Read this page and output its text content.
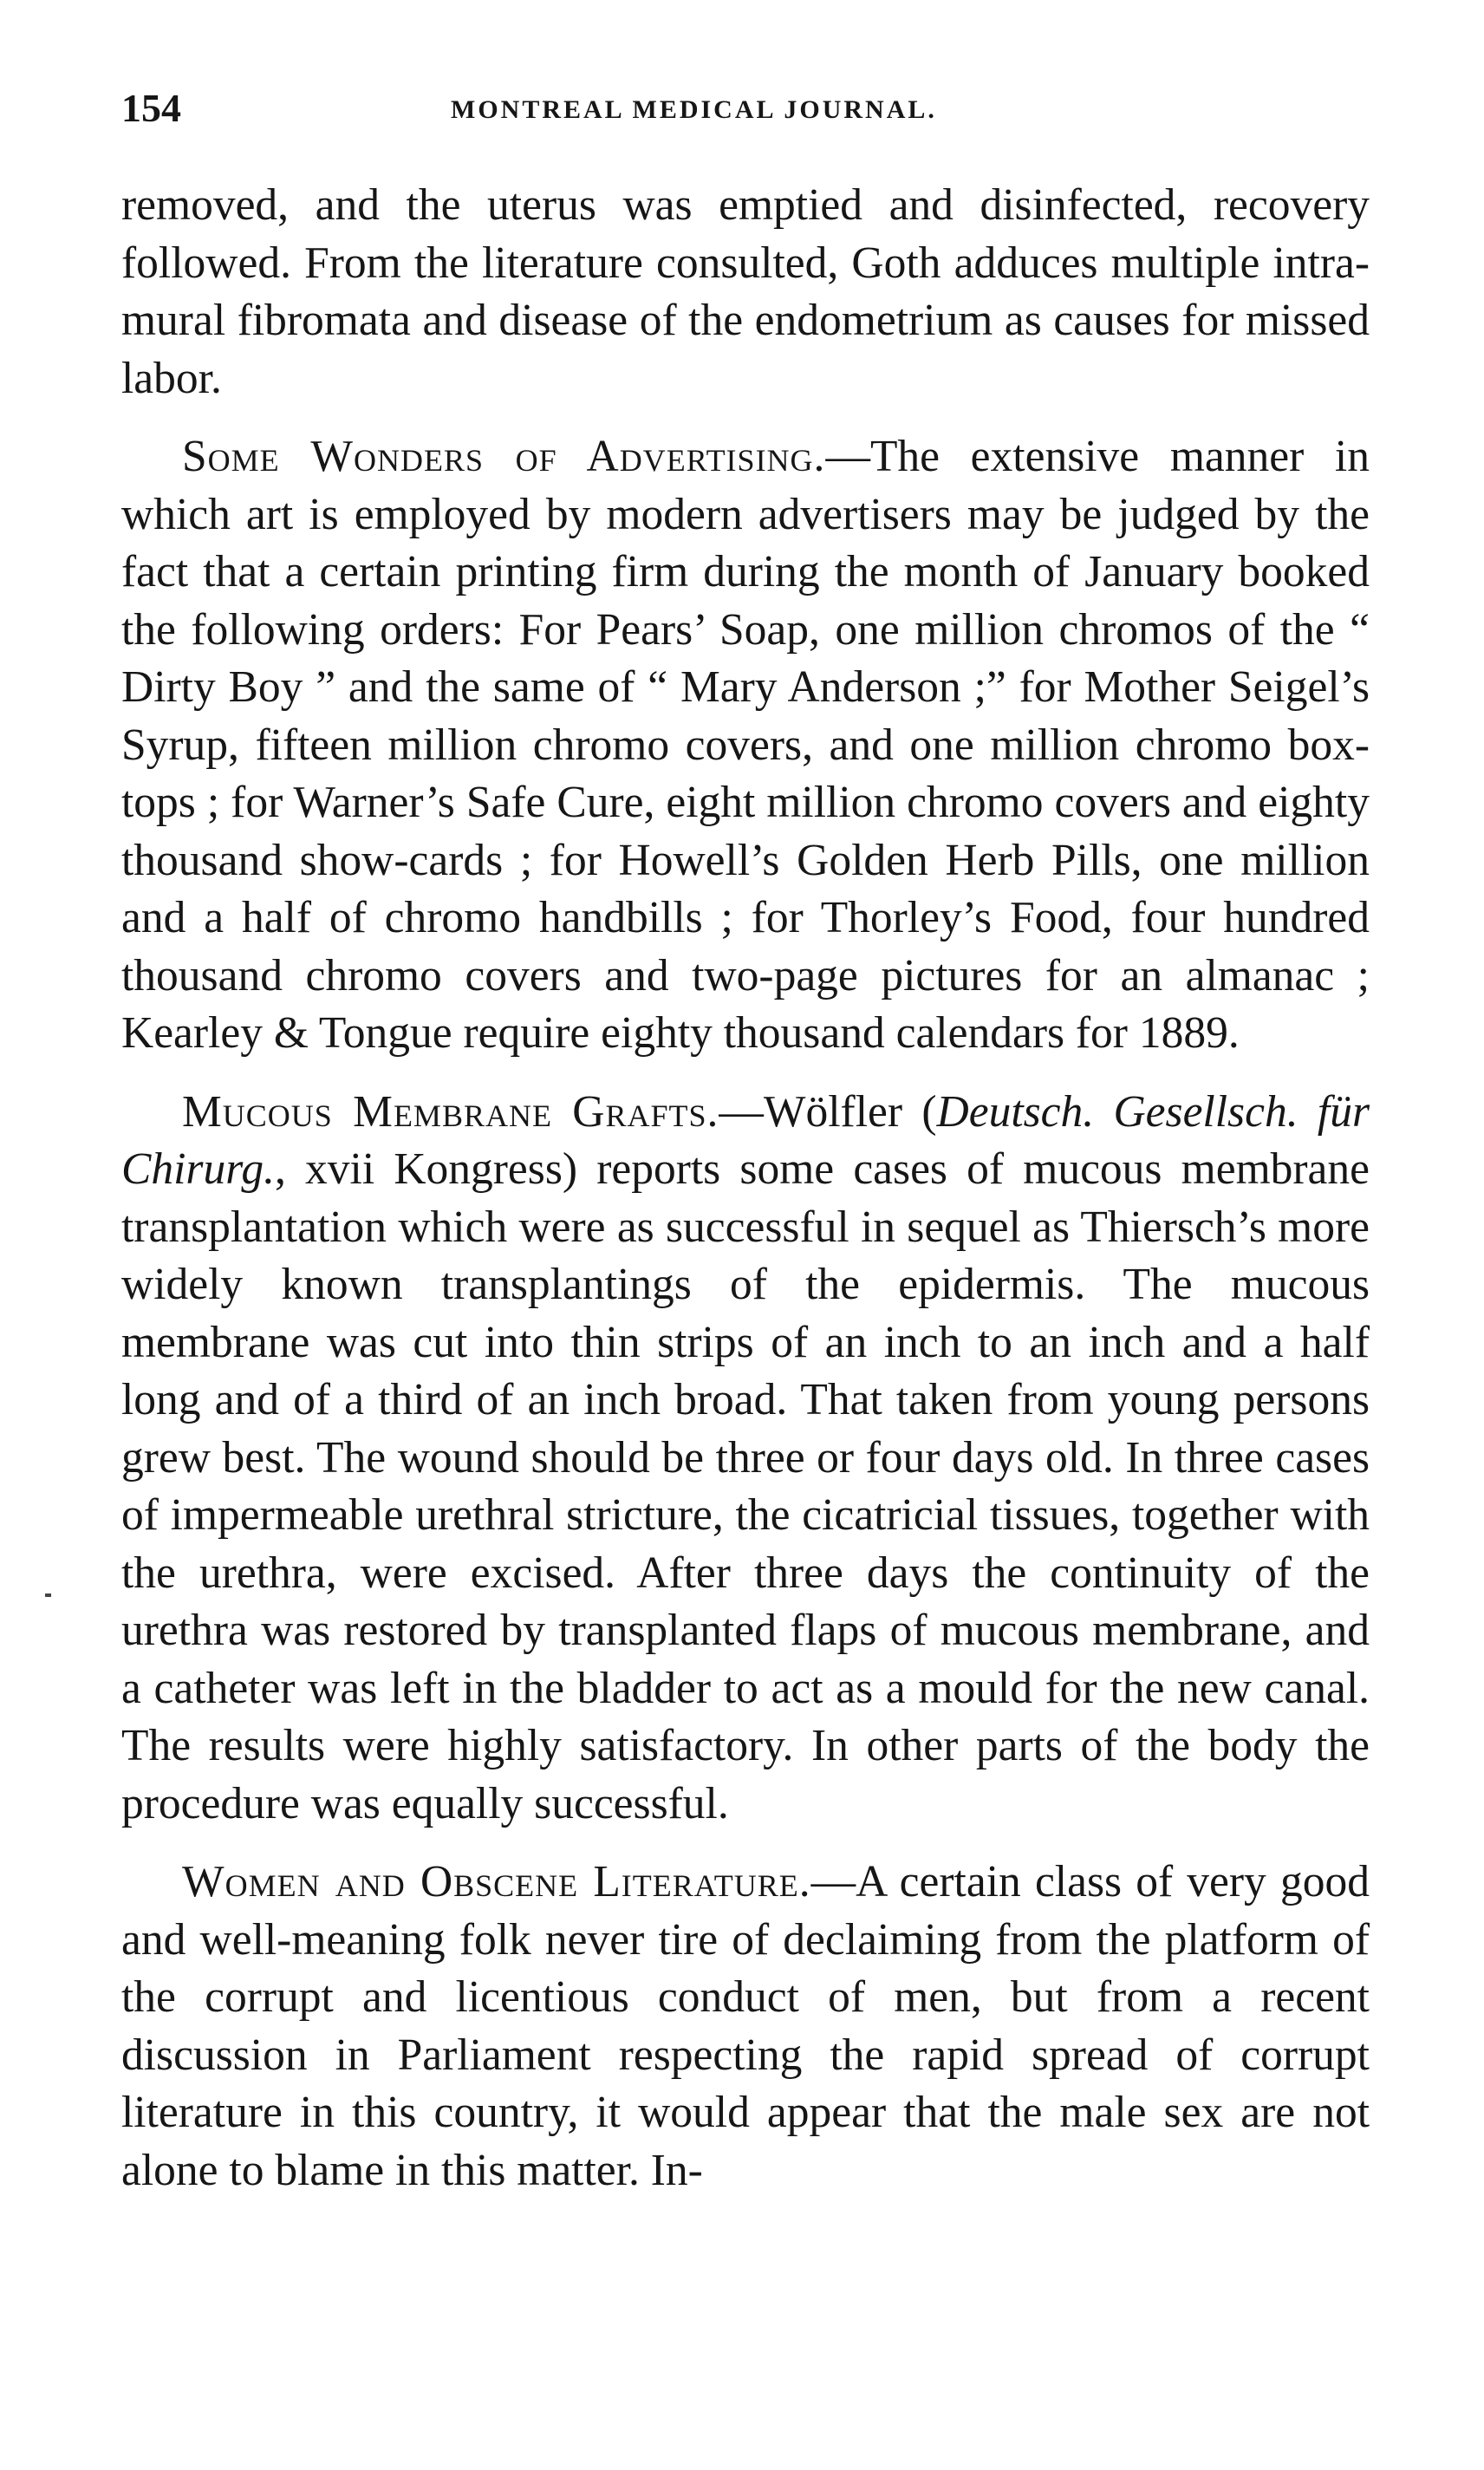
154	MONTREAL MEDICAL JOURNAL.

removed, and the uterus was emptied and disinfected, recovery followed. From the literature consulted, Goth adduces multiple intra-mural fibromata and disease of the endometrium as causes for missed labor.

Some Wonders of Advertising.—The extensive manner in which art is employed by modern advertisers may be judged by the fact that a certain printing firm during the month of January booked the following orders: For Pears’ Soap, one million chromos of the “ Dirty Boy ” and the same of “ Mary Anderson ;” for Mother Seigel’s Syrup, fifteen million chromo covers, and one million chromo box-tops ; for Warner’s Safe Cure, eight million chromo covers and eighty thousand show-cards ; for Howell’s Golden Herb Pills, one million and a half of chromo handbills ; for Thorley’s Food, four hundred thousand chromo covers and two-page pictures for an almanac ; Kearley & Tongue require eighty thousand calendars for 1889.

Mucous Membrane Grafts.—Wölfler (Deutsch. Gesellsch. für Chirurg., xvii Kongress) reports some cases of mucous membrane transplantation which were as successful in sequel as Thiersch’s more widely known transplantings of the epidermis. The mucous membrane was cut into thin strips of an inch to an inch and a half long and of a third of an inch broad. That taken from young persons grew best. The wound should be three or four days old. In three cases of impermeable urethral stricture, the cicatricial tissues, together with the urethra, were excised. After three days the continuity of the urethra was restored by transplanted flaps of mucous membrane, and a catheter was left in the bladder to act as a mould for the new canal. The results were highly satisfactory. In other parts of the body the procedure was equally successful.

Women and Obscene Literature.—A certain class of very good and well-meaning folk never tire of declaiming from the platform of the corrupt and licentious conduct of men, but from a recent discussion in Parliament respecting the rapid spread of corrupt literature in this country, it would appear that the male sex are not alone to blame in this matter. In-
